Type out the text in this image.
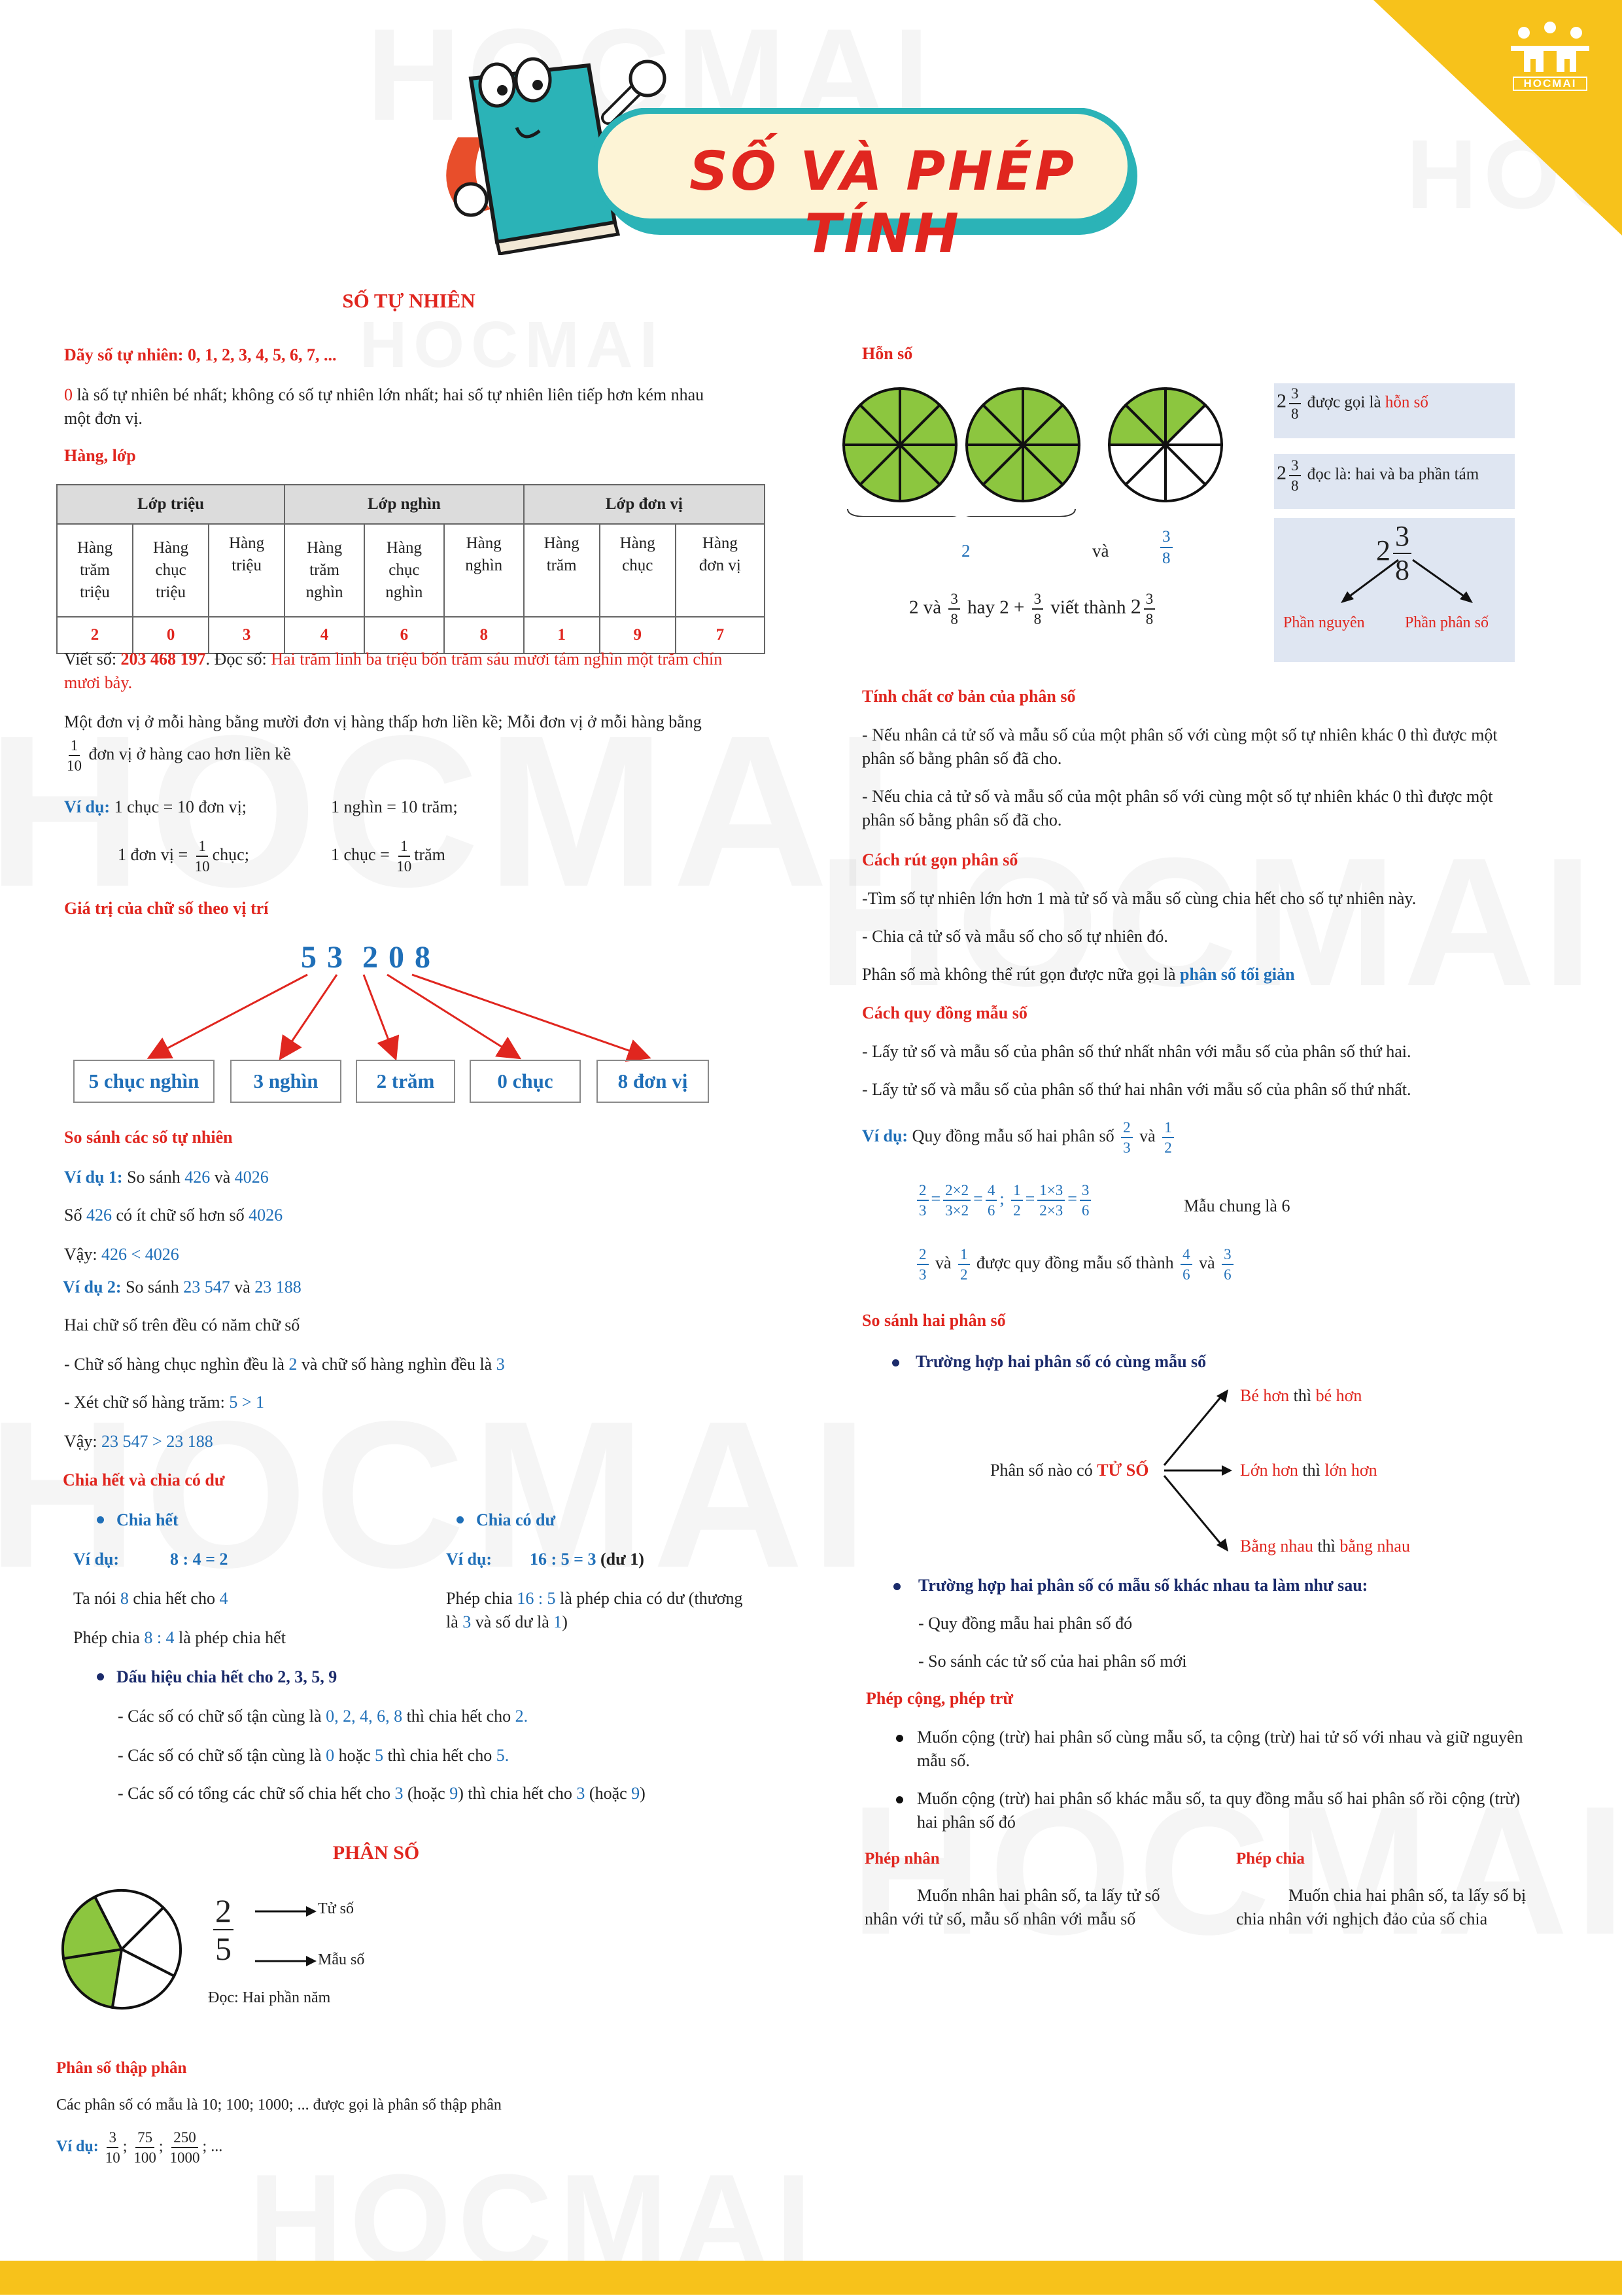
HOCMAI
SỐ VÀ PHÉP TÍNH
SỐ TỰ NHIÊN
Dãy số tự nhiên: 0, 1, 2, 3, 4, 5, 6, 7, ...
0 là số tự nhiên bé nhất; không có số tự nhiên lớn nhất; hai số tự nhiên liên tiếp hơn kém nhau
một đơn vị.
Hàng, lớp
Lớp triệu			Lớp nghìn			Lớp đơn vị		
Hàng
trăm
triệu	Hàng
chục
triệu	Hàng
triệu	Hàng
trăm
nghìn	Hàng
chục
nghìn	Hàng
nghìn	Hàng
trăm	Hàng
chục	Hàng
đơn vị
2	0	3	4	6	8	1	9	7
Viết số: 203 468 197. Đọc số: Hai trăm linh ba triệu bốn trăm sáu mươi tám nghìn một trăm chín
mươi bảy.
Một đơn vị ở mỗi hàng bằng mười đơn vị hàng thấp hơn liền kề; Mỗi đơn vị ở mỗi hàng bằng
$\frac{1}{10}$ đơn vị ở hàng cao hơn liền kề
Ví dụ: 1 chục = 10 đơn vị;	1 nghìn = 10 trăm;
1 đơn vị = $\frac{1}{10}$ chục;	1 chục = $\frac{1}{10}$ trăm
Giá trị của chữ số theo vị trí
5 3  2 0 8
5 chục nghìn	3 nghìn	2 trăm	0 chục	8 đơn vị
So sánh các số tự nhiên
Ví dụ 1: So sánh 426 và 4026
Số 426 có ít chữ số hơn số 4026
Vậy: 426 < 4026
Ví dụ 2: So sánh 23 547 và 23 188
Hai chữ số trên đều có năm chữ số
- Chữ số hàng chục nghìn đều là 2 và chữ số hàng nghìn đều là 3
- Xét chữ số hàng trăm: 5 > 1
Vậy: 23 547 > 23 188
Chia hết và chia có dư
Chia hết	Chia có dư
Ví dụ:	8 : 4 = 2	Ví dụ: 16 : 5 = 3 (dư 1)
Ta nói 8 chia hết cho 4
Phép chia 8 : 4 là phép chia hết
Phép chia 16 : 5 là phép chia có dư (thương
là 3 và số dư là 1)
Dấu hiệu chia hết cho 2, 3, 5, 9
- Các số có chữ số tận cùng là 0, 2, 4, 6, 8 thì chia hết cho 2.
- Các số có chữ số tận cùng là 0 hoặc 5 thì chia hết cho 5.
- Các số có tổng các chữ số chia hết cho 3 (hoặc 9) thì chia hết cho 3 (hoặc 9)
PHÂN SỐ
$\frac{2}{5}$	Tử số
Mẫu số
Đọc: Hai phần năm
Phân số thập phân
Các phân số có mẫu là 10; 100; 1000; ... được gọi là phân số thập phân
Ví dụ: $\frac{3}{10}$ ; $\frac{75}{100}$ ; $\frac{250}{1000}$ ; ...
Hỗn số
2	và	$\frac{3}{8}$
2 và $\frac{3}{8}$ hay $2 + \frac{3}{8}$ viết thành $2 \frac{3}{8}$
$2 \frac{3}{8}$ được gọi là hỗn số
$2 \frac{3}{8}$ đọc là: hai và ba phần tám
$2 \frac{3}{8}$
Phần nguyên	Phần phân số
Tính chất cơ bản của phân số
- Nếu nhân cả tử số và mẫu số của một phân số với cùng một số tự nhiên khác 0 thì được một
phân số bằng phân số đã cho.
- Nếu chia cả tử số và mẫu số của một phân số với cùng một số tự nhiên khác 0 thì được một
phân số bằng phân số đã cho.
Cách rút gọn phân số
-Tìm số tự nhiên lớn hơn 1 mà tử số và mẫu số cùng chia hết cho số tự nhiên này.
- Chia cả tử số và mẫu số cho số tự nhiên đó.
Phân số mà không thể rút gọn được nữa gọi là phân số tối giản
Cách quy đồng mẫu số
- Lấy tử số và mẫu số của phân số thứ nhất nhân với mẫu số của phân số thứ hai.
- Lấy tử số và mẫu số của phân số thứ hai nhân với mẫu số của phân số thứ nhất.
Ví dụ: Quy đồng mẫu số hai phân số $\frac{2}{3}$ và $\frac{1}{2}$
$\frac{2}{3} = \frac{2\times 2}{3\times 2} = \frac{4}{6}$ ; $\frac{1}{2} = \frac{1\times 3}{2\times 3} = \frac{3}{6}$	Mẫu chung là 6
$\frac{2}{3}$ và $\frac{1}{2}$ được quy đồng mẫu số thành $\frac{4}{6}$ và $\frac{3}{6}$
So sánh hai phân số
Trường hợp hai phân số có cùng mẫu số
Phân số nào có TỬ SỐ
Bé hơn thì bé hơn
Lớn hơn thì lớn hơn
Bằng nhau thì bằng nhau
Trường hợp hai phân số có mẫu số khác nhau ta làm như sau:
- Quy đồng mẫu hai phân số đó
- So sánh các tử số của hai phân số mới
Phép cộng, phép trừ
Muốn cộng (trừ) hai phân số cùng mẫu số, ta cộng (trừ) hai tử số với nhau và giữ nguyên
mẫu số.
Muốn cộng (trừ) hai phân số khác mẫu số, ta quy đồng mẫu số hai phân số rồi cộng (trừ)
hai phân số đó
Phép nhân
Muốn nhân hai phân số, ta lấy tử số
nhân với tử số, mẫu số nhân với mẫu số
Phép chia
Muốn chia hai phân số, ta lấy số bị
chia nhân với nghịch đảo của số chia
